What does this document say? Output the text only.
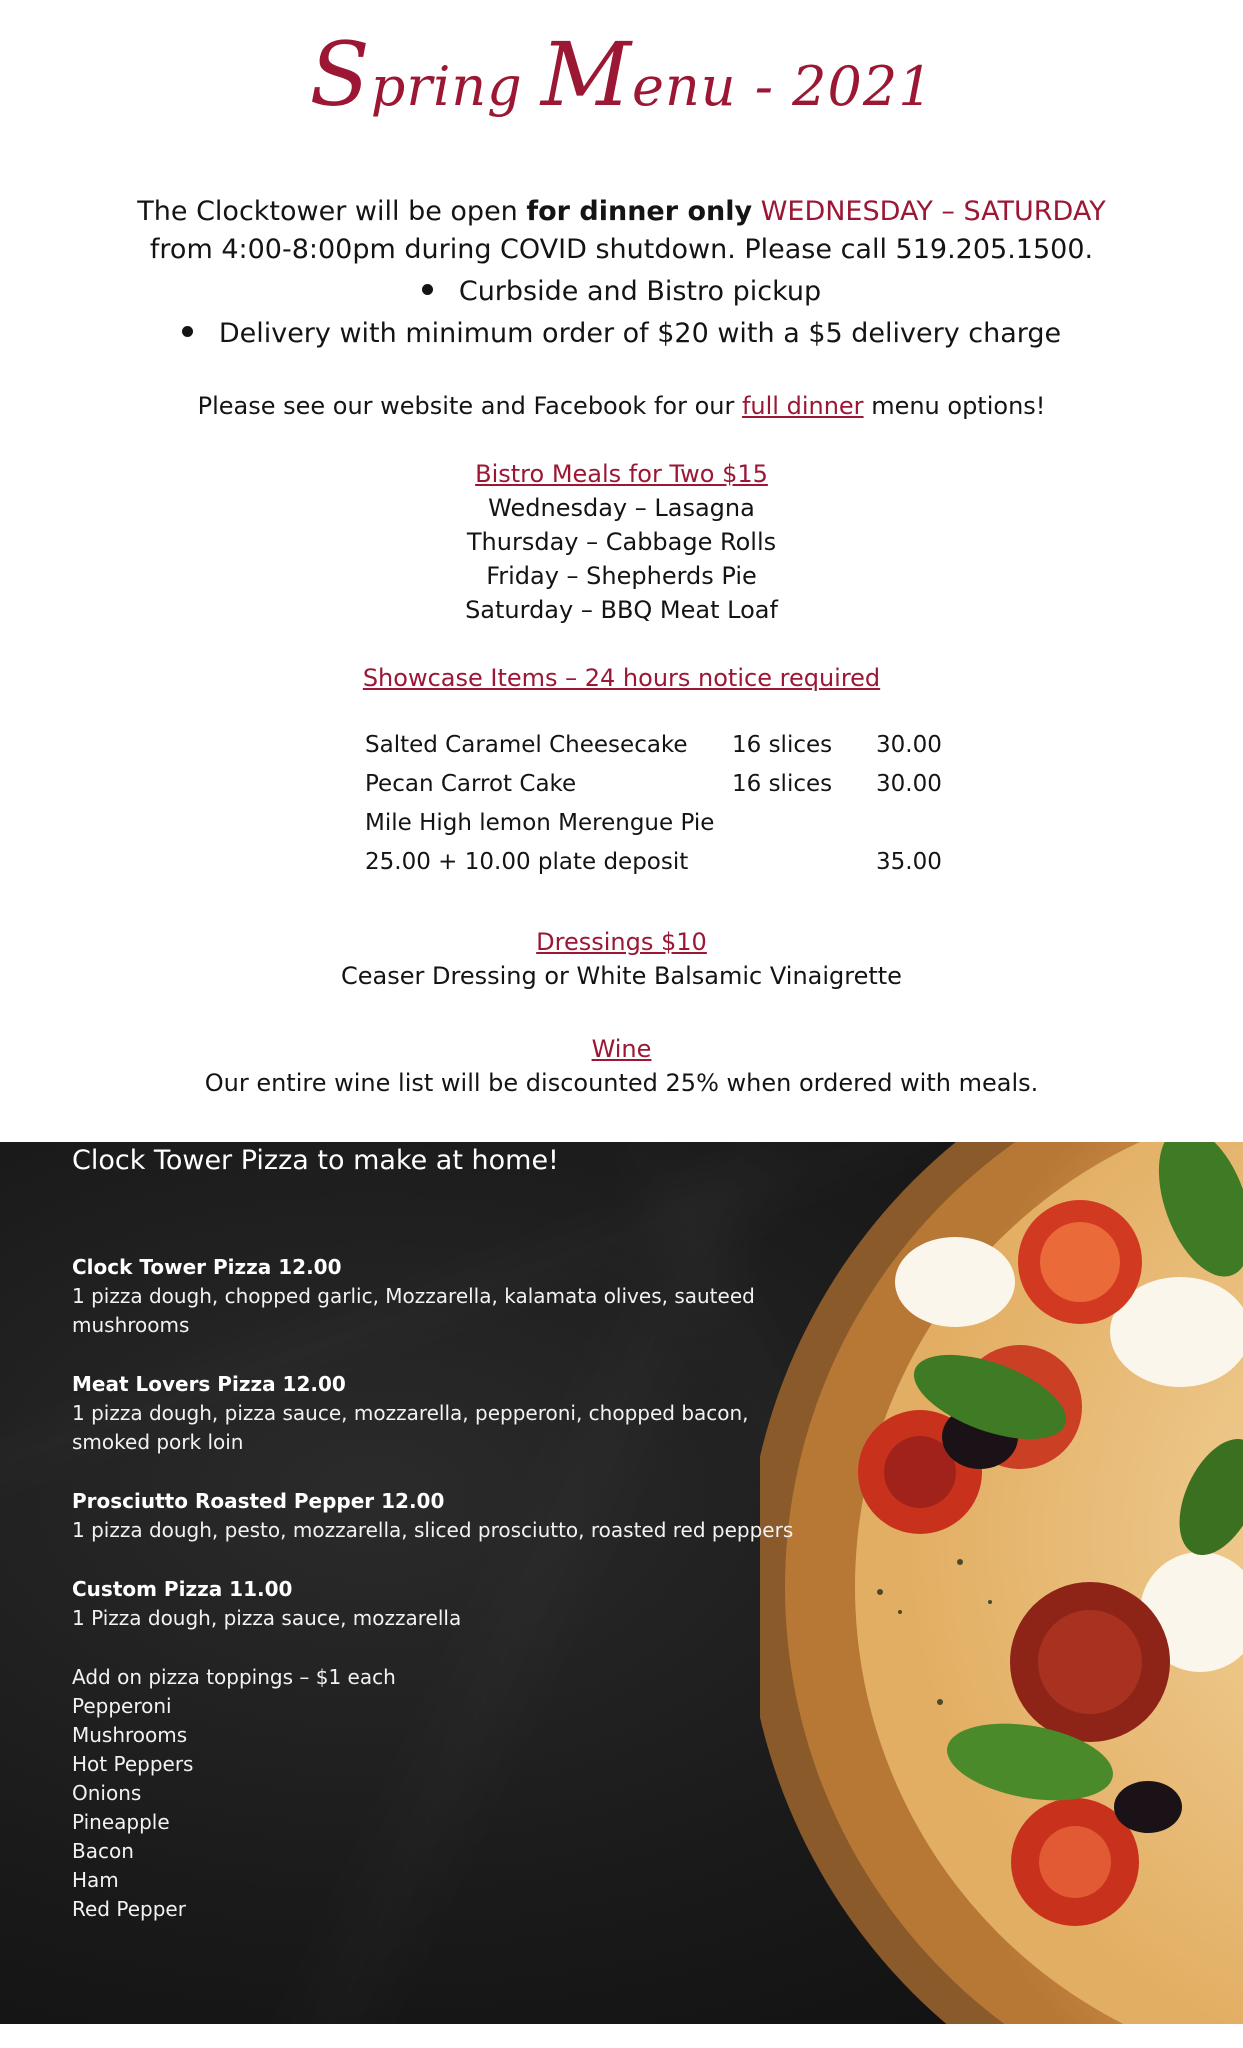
Spring Menu - 2021
The Clocktower will be open for dinner only WEDNESDAY – SATURDAY
from 4:00-8:00pm during COVID shutdown. Please call 519.205.1500.
Curbside and Bistro pickup
Delivery with minimum order of $20 with a $5 delivery charge
Please see our website and Facebook for our full dinner menu options!
Bistro Meals for Two $15
Wednesday – Lasagna
Thursday – Cabbage Rolls
Friday – Shepherds Pie
Saturday – BBQ Meat Loaf
Showcase Items – 24 hours notice required
Salted Caramel Cheesecake 16 slices 30.00
Pecan Carrot Cake	16 slices 30.00
Mile High lemon Merengue Pie
25.00 + 10.00 plate deposit	35.00
Dressings $10
Ceaser Dressing or White Balsamic Vinaigrette
Wine
Our entire wine list will be discounted 25% when ordered with meals.
Clock Tower Pizza to make at home!
Clock Tower Pizza 12.00
1 pizza dough, chopped garlic, Mozzarella, kalamata olives, sauteed
mushrooms
Meat Lovers Pizza 12.00
1 pizza dough, pizza sauce, mozzarella, pepperoni, chopped bacon,
smoked pork loin
Prosciutto Roasted Pepper 12.00
1 pizza dough, pesto, mozzarella, sliced prosciutto, roasted red peppers
Custom Pizza 11.00
1 Pizza dough, pizza sauce, mozzarella
Add on pizza toppings – $1 each
Pepperoni
Mushrooms
Hot Peppers
Onions
Pineapple
Bacon
Ham
Red Pepper
